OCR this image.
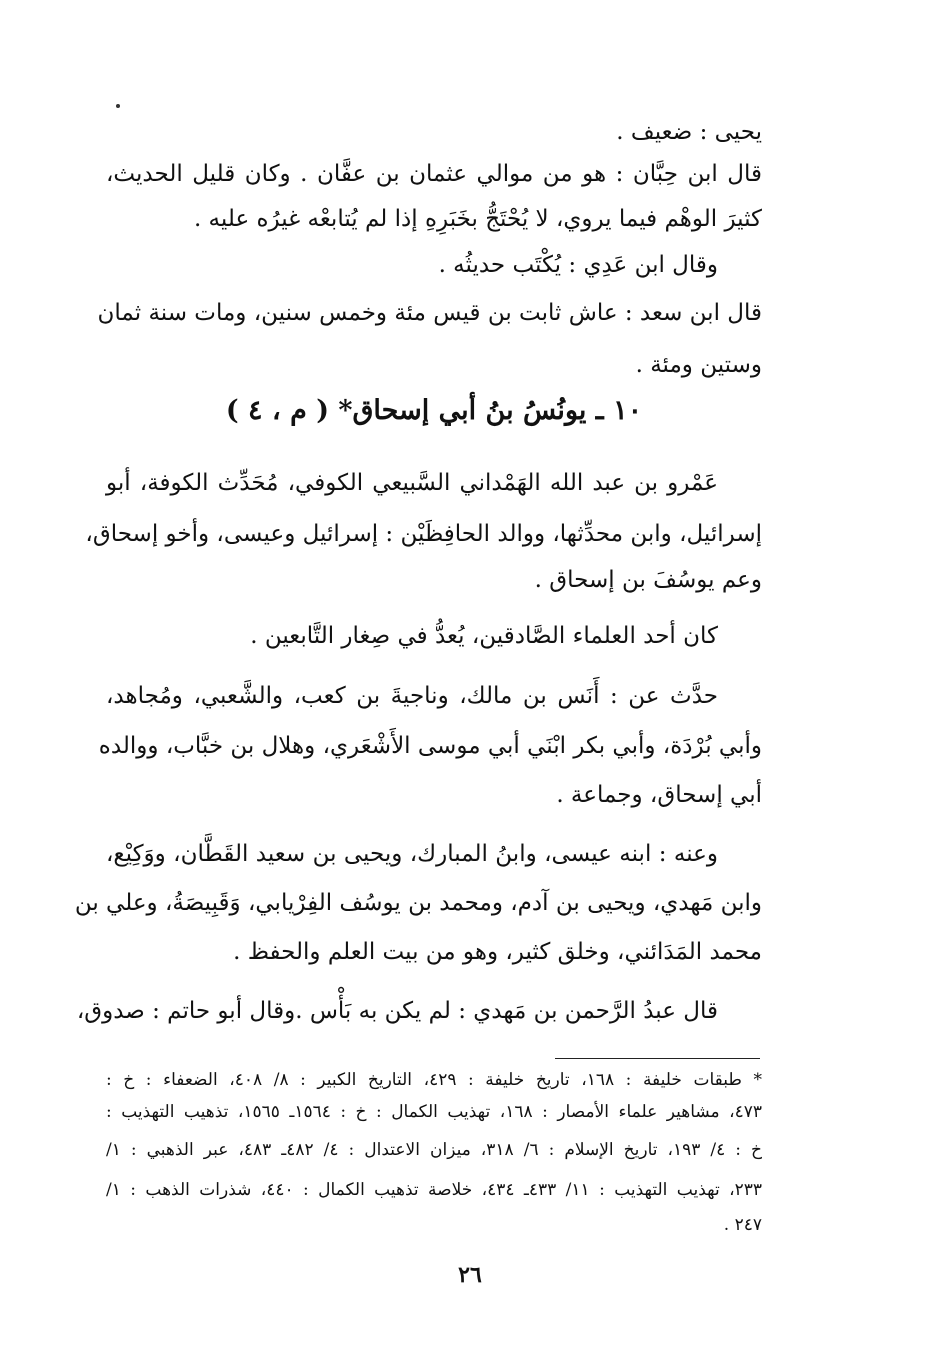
يحيى : ضعيف .
قال ابن حِبَّان : هو من موالي عثمان بن عفَّان . وكان قليل الحديث،
كثيرَ الوهْم فيما يروي، لا يُحْتَجُّ بخَبَرِهِ إذا لم يُتابعْه غيرُه عليه .
وقال ابن عَدِي : يُكْتَب حديثُه .
قال ابن سعد : عاش ثابت بن قيس مئة وخمس سنين، ومات سنة ثمان
وستين ومئة .
١٠ ـ يونُسُ بنُ أبي إسحاق* ( م ، ٤ )
عَمْرو بن عبد الله الهَمْداني السَّبيعي الكوفي، مُحَدِّث الكوفة، أبو
إسرائيل، وابن محدِّثها، ووالد الحافِظَيْن : إسرائيل وعيسى، وأخو إسحاق،
وعم يوسُفَ بن إسحاق .
كان أحد العلماء الصَّادقين، يُعدُّ في صِغار التَّابعين .
حدَّث عن : أَنَس بن مالك، وناجيةَ بن كعب، والشَّعبي، ومُجاهد،
وأبي بُرْدَة، وأبي بكر ابْنَي أبي موسى الأَشْعَري، وهلال بن خبَّاب، ووالده
أبي إسحاق، وجماعة .
وعنه : ابنه عيسى، وابنُ المبارك، ويحيى بن سعيد القَطَّان، ووَكِيْع،
وابن مَهدي، ويحيى بن آدم، ومحمد بن يوسُف الفِرْيابي، وَقَبِيصَةُ، وعلي بن
محمد المَدَائني، وخلق كثير، وهو من بيت العلم والحفظ .
قال عبدُ الرَّحمن بن مَهدي : لم يكن به بَأْس .وقال أبو حاتم : صدوق،
* طبقات خليفة : ١٦٨، تاريخ خليفة : ٤٢٩، التاريخ الكبير : ٨/ ٤٠٨، الضعفاء : خ :
٤٧٣، مشاهير علماء الأمصار : ١٦٨، تهذيب الكمال : خ : ١٥٦٤ـ ١٥٦٥، تذهيب التهذيب :
خ : ٤/ ١٩٣، تاريخ الإسلام : ٦/ ٣١٨، ميزان الاعتدال : ٤/ ٤٨٢ـ ٤٨٣، عبر الذهبي : ١/
٢٣٣، تهذيب التهذيب : ١١/ ٤٣٣ـ ٤٣٤، خلاصة تذهيب الكمال : ٤٤٠، شذرات الذهب : ١/
٢٤٧ .
٢٦
